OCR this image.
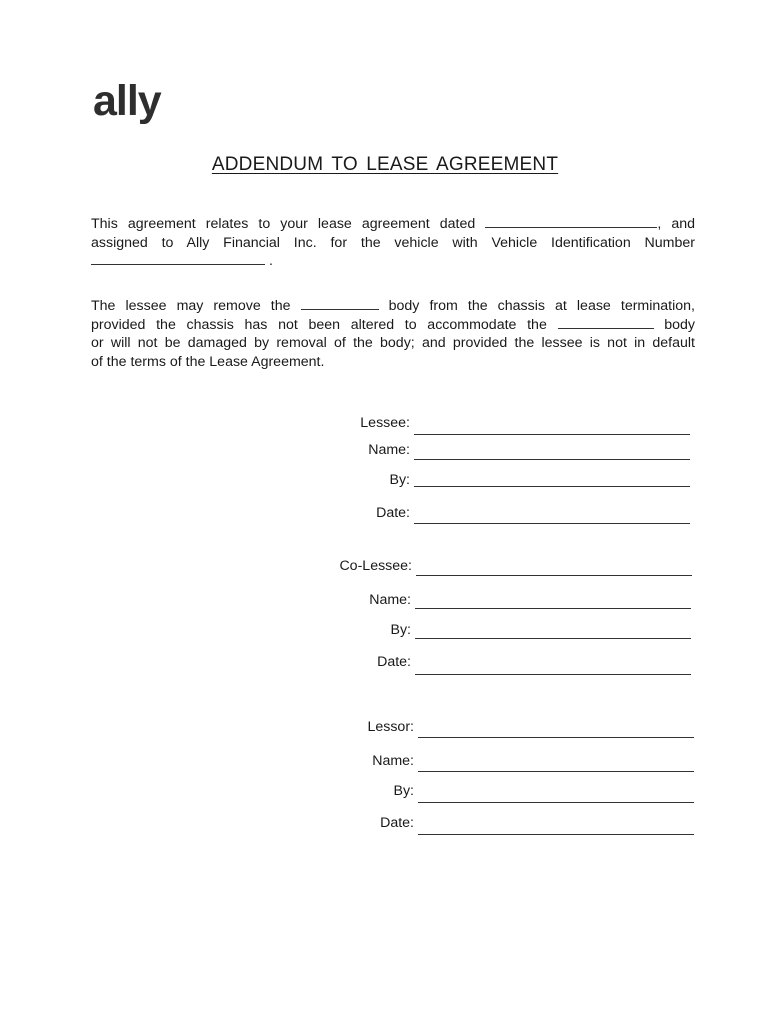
ally
ADDENDUM TO LEASE AGREEMENT
This agreement relates to your lease agreement dated	, and
assigned to Ally Financial Inc. for the vehicle with Vehicle Identification Number
.
The lessee may remove the	body from the chassis at lease termination,
provided the chassis has not been altered to accommodate the	body
or will not be damaged by removal of the body; and provided the lessee is not in default
of the terms of the Lease Agreement.
Lessee:
Name:
By:
Date:
Co-Lessee:
Name:
By:
Date:
Lessor:
Name:
By:
Date:
